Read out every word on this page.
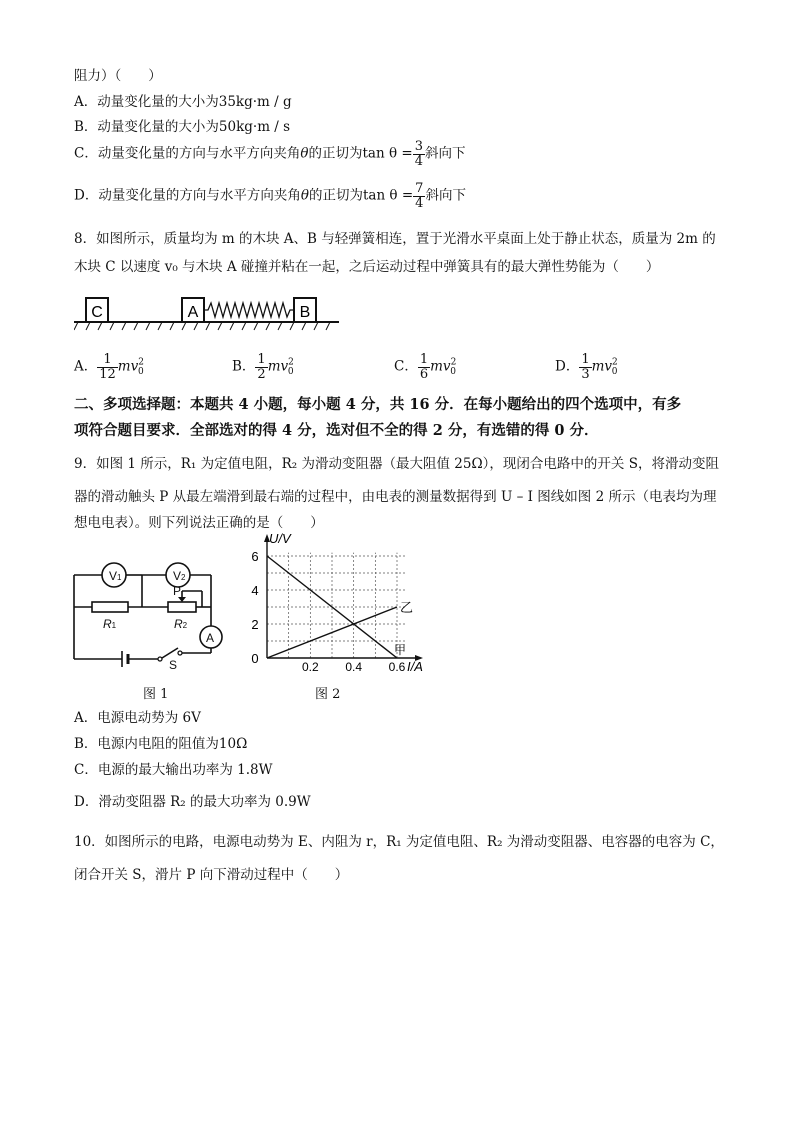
阻力）（　　）
A．动量变化量的大小为35kg·m / g
B．动量变化量的大小为50kg·m / s
C．动量变化量的方向与水平方向夹角θ的正切为$\tan \theta = \frac{3}{4}$ 斜向下
D．动量变化量的方向与水平方向夹角θ的正切为$\tan \theta = \frac{7}{4}$ 斜向下
8．如图所示，质量均为 m 的木块 A、B 与轻弹簧相连，置于光滑水平桌面上处于静止状态，质量为 2m 的
木块 C 以速度 v₀ 与木块 A 碰撞并粘在一起，之后运动过程中弹簧具有的最大弹性势能为（　　）
C	A	B
A． $\frac{1}{12} mv^2_0$	B． $\frac{1}{2} mv^2_0$	C． $\frac{1}{6} mv^2_0$	D． $\frac{1}{3} mv^2_0$
二、多项选择题：本题共 4 小题，每小题 4 分，共 16 分．在每小题给出的四个选项中，有多
项符合题目要求．全部选对的得 4 分，选对但不全的得 2 分，有选错的得 0 分．
9．如图 1 所示，R₁ 为定值电阻，R₂ 为滑动变阻器（最大阻值 25Ω），现闭合电路中的开关 S，将滑动变阻
器的滑动触头 P 从最左端滑到最右端的过程中，由电表的测量数据得到 U – I 图线如图 2 所示（电表均为理
想电电表）。则下列说法正确的是（　　）
V1	V2
A
P
R1	R2
S
图 1
6
4
2
0
0.2 0.4 0.6
U/V
I/A
乙
甲
图 2
A．电源电动势为 6V
B．电源内电阻的阻值为10Ω
C．电源的最大输出功率为 1.8W
D．滑动变阻器 R₂ 的最大功率为 0.9W
10．如图所示的电路，电源电动势为 E、内阻为 r，R₁ 为定值电阻、R₂ 为滑动变阻器、电容器的电容为 C，
闭合开关 S，滑片 P 向下滑动过程中（　　）
